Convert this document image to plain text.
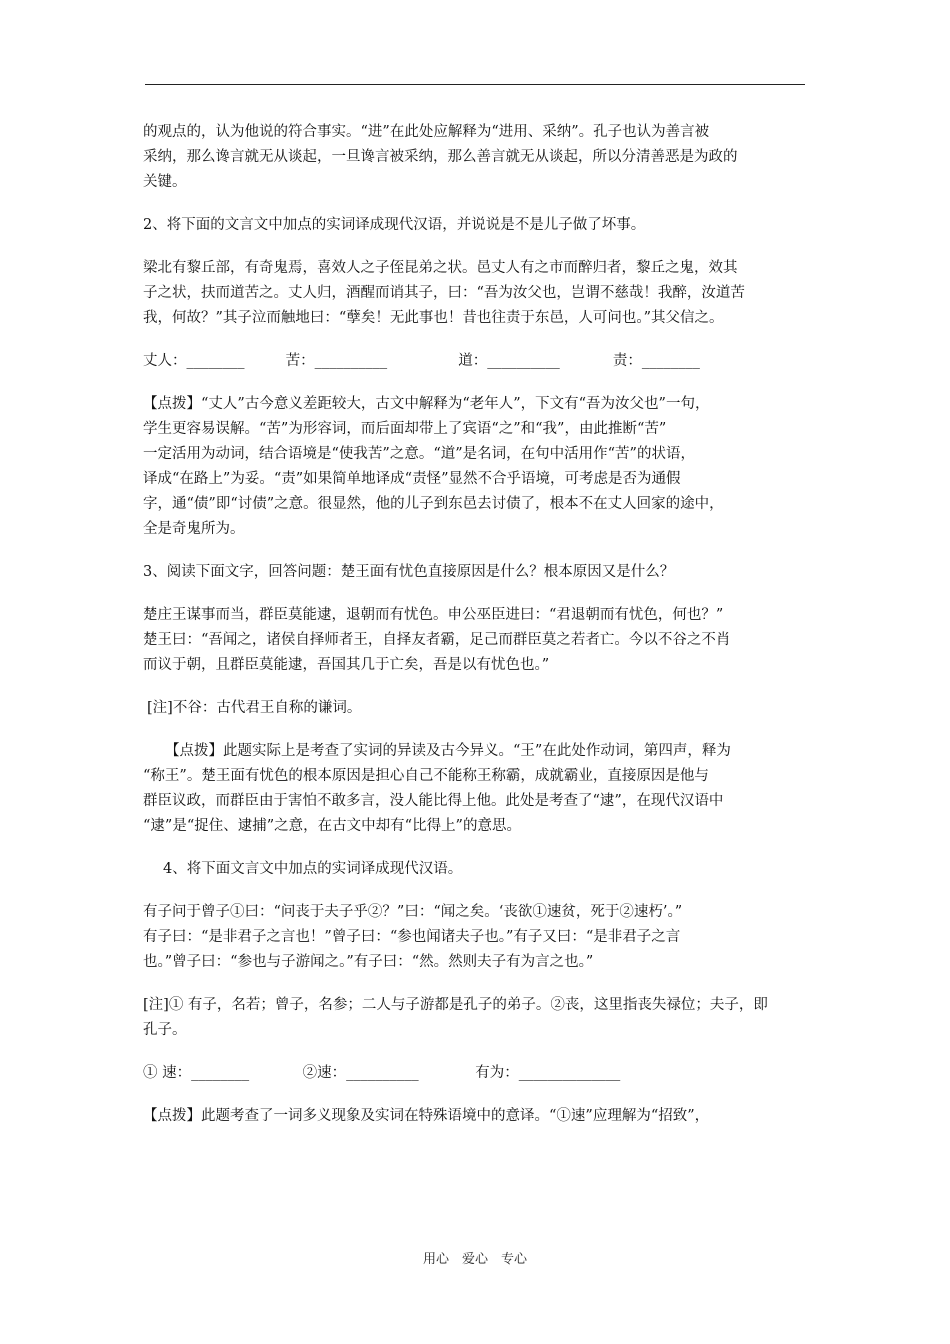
的观点的，认为他说的符合事实。“进”在此处应解释为“进用、采纳”。孔子也认为善言被
采纳，那么谗言就无从谈起，一旦谗言被采纳，那么善言就无从谈起，所以分清善恶是为政的
关键。

2、将下面的文言文中加点的实词译成现代汉语，并说说是不是儿子做了坏事。

梁北有黎丘部，有奇鬼焉，喜效人之子侄昆弟之状。邑丈人有之市而醉归者，黎丘之鬼，效其
子之状，扶而道苦之。丈人归，酒醒而诮其子，曰：“吾为汝父也，岂谓不慈哉！我醉，汝道苦
我，何故？”其子泣而触地曰：“孽矣！无此事也！昔也往责于东邑，人可问也。”其父信之。

丈人：________	苦：__________	道：__________	责：________

【点拨】“丈人”古今意义差距较大，古文中解释为“老年人”，下文有“吾为汝父也”一句，
学生更容易误解。“苦”为形容词，而后面却带上了宾语“之”和“我”，由此推断“苦”
一定活用为动词，结合语境是“使我苦”之意。“道”是名词，在句中活用作“苦”的状语，
译成“在路上”为妥。“责”如果简单地译成“责怪”显然不合乎语境，可考虑是否为通假
字，通“债”即“讨债”之意。很显然，他的儿子到东邑去讨债了，根本不在丈人回家的途中，
全是奇鬼所为。

3、阅读下面文字，回答问题：楚王面有忧色直接原因是什么？根本原因又是什么？

楚庄王谋事而当，群臣莫能逮，退朝而有忧色。申公巫臣进曰：“君退朝而有忧色，何也？”
楚王曰：“吾闻之，诸侯自择师者王，自择友者霸，足己而群臣莫之若者亡。今以不谷之不肖
而议于朝，且群臣莫能逮，吾国其几于亡矣，吾是以有忧色也。”

[注]不谷：古代君王自称的谦词。

【点拨】此题实际上是考查了实词的异读及古今异义。“王”在此处作动词，第四声，释为
“称王”。楚王面有忧色的根本原因是担心自己不能称王称霸，成就霸业，直接原因是他与
群臣议政，而群臣由于害怕不敢多言，没人能比得上他。此处是考查了“逮”，在现代汉语中
“逮”是“捉住、逮捕”之意，在古文中却有“比得上”的意思。

4、将下面文言文中加点的实词译成现代汉语。

有子问于曾子①曰：“问丧于夫子乎②？”曰：“闻之矣。‘丧欲①速贫，死于②速朽’。”
有子曰：“是非君子之言也！”曾子曰：“参也闻诸夫子也。”有子又曰：“是非君子之言
也。”曾子曰：“参也与子游闻之。”有子曰：“然。然则夫子有为言之也。”

[注]① 有子，名若；曾子，名参；二人与子游都是孔子的弟子。②丧，这里指丧失禄位；夫子，即
孔子。

① 速：________	②速：__________	有为：______________

【点拨】此题考查了一词多义现象及实词在特殊语境中的意译。“①速”应理解为“招致”，

用心　爱心　专心
